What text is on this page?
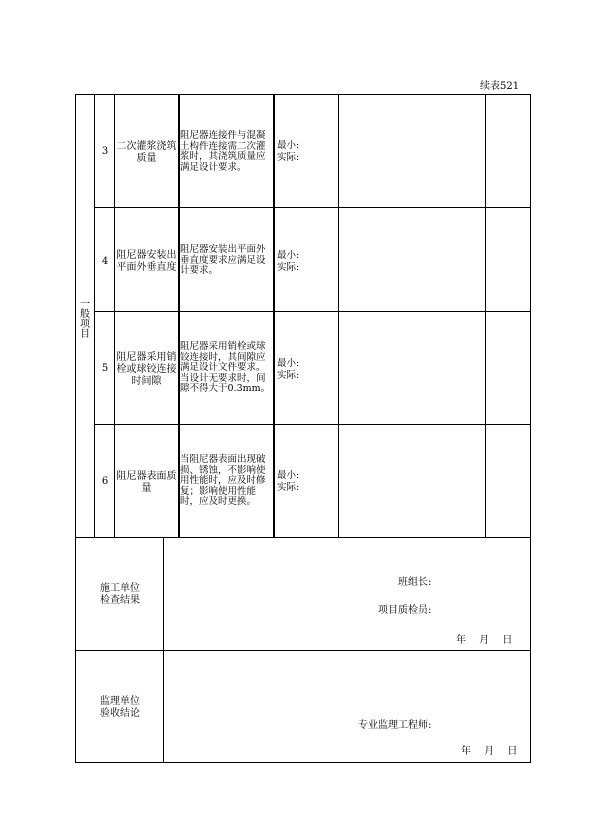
续表521
一般项目
3 二次灌浆浇筑质量
阻尼器连接件与混凝土构件连接需二次灌浆时，其浇筑质量应满足设计要求。
最小:
实际:
4
阻尼器安装出平面外垂直度
阻尼器安装出平面外垂直度要求应满足设计要求。
最小:
实际:
5
阻尼器采用销栓或球铰连接时间隙
阻尼器采用销栓或球铰连接时，其间隙应满足设计文件要求。当设计无要求时，间隙不得大于0.3mm。
最小:
实际:
6 阻尼器表面质量
当阻尼器表面出现破损、锈蚀，不影响使用性能时，应及时修复；影响使用性能时，应及时更换。
最小:
实际:
施工单位检查结果
班组长:
项目质检员:
年　 月　 日
监理单位验收结论
专业监理工程师:
年　 月　 日
